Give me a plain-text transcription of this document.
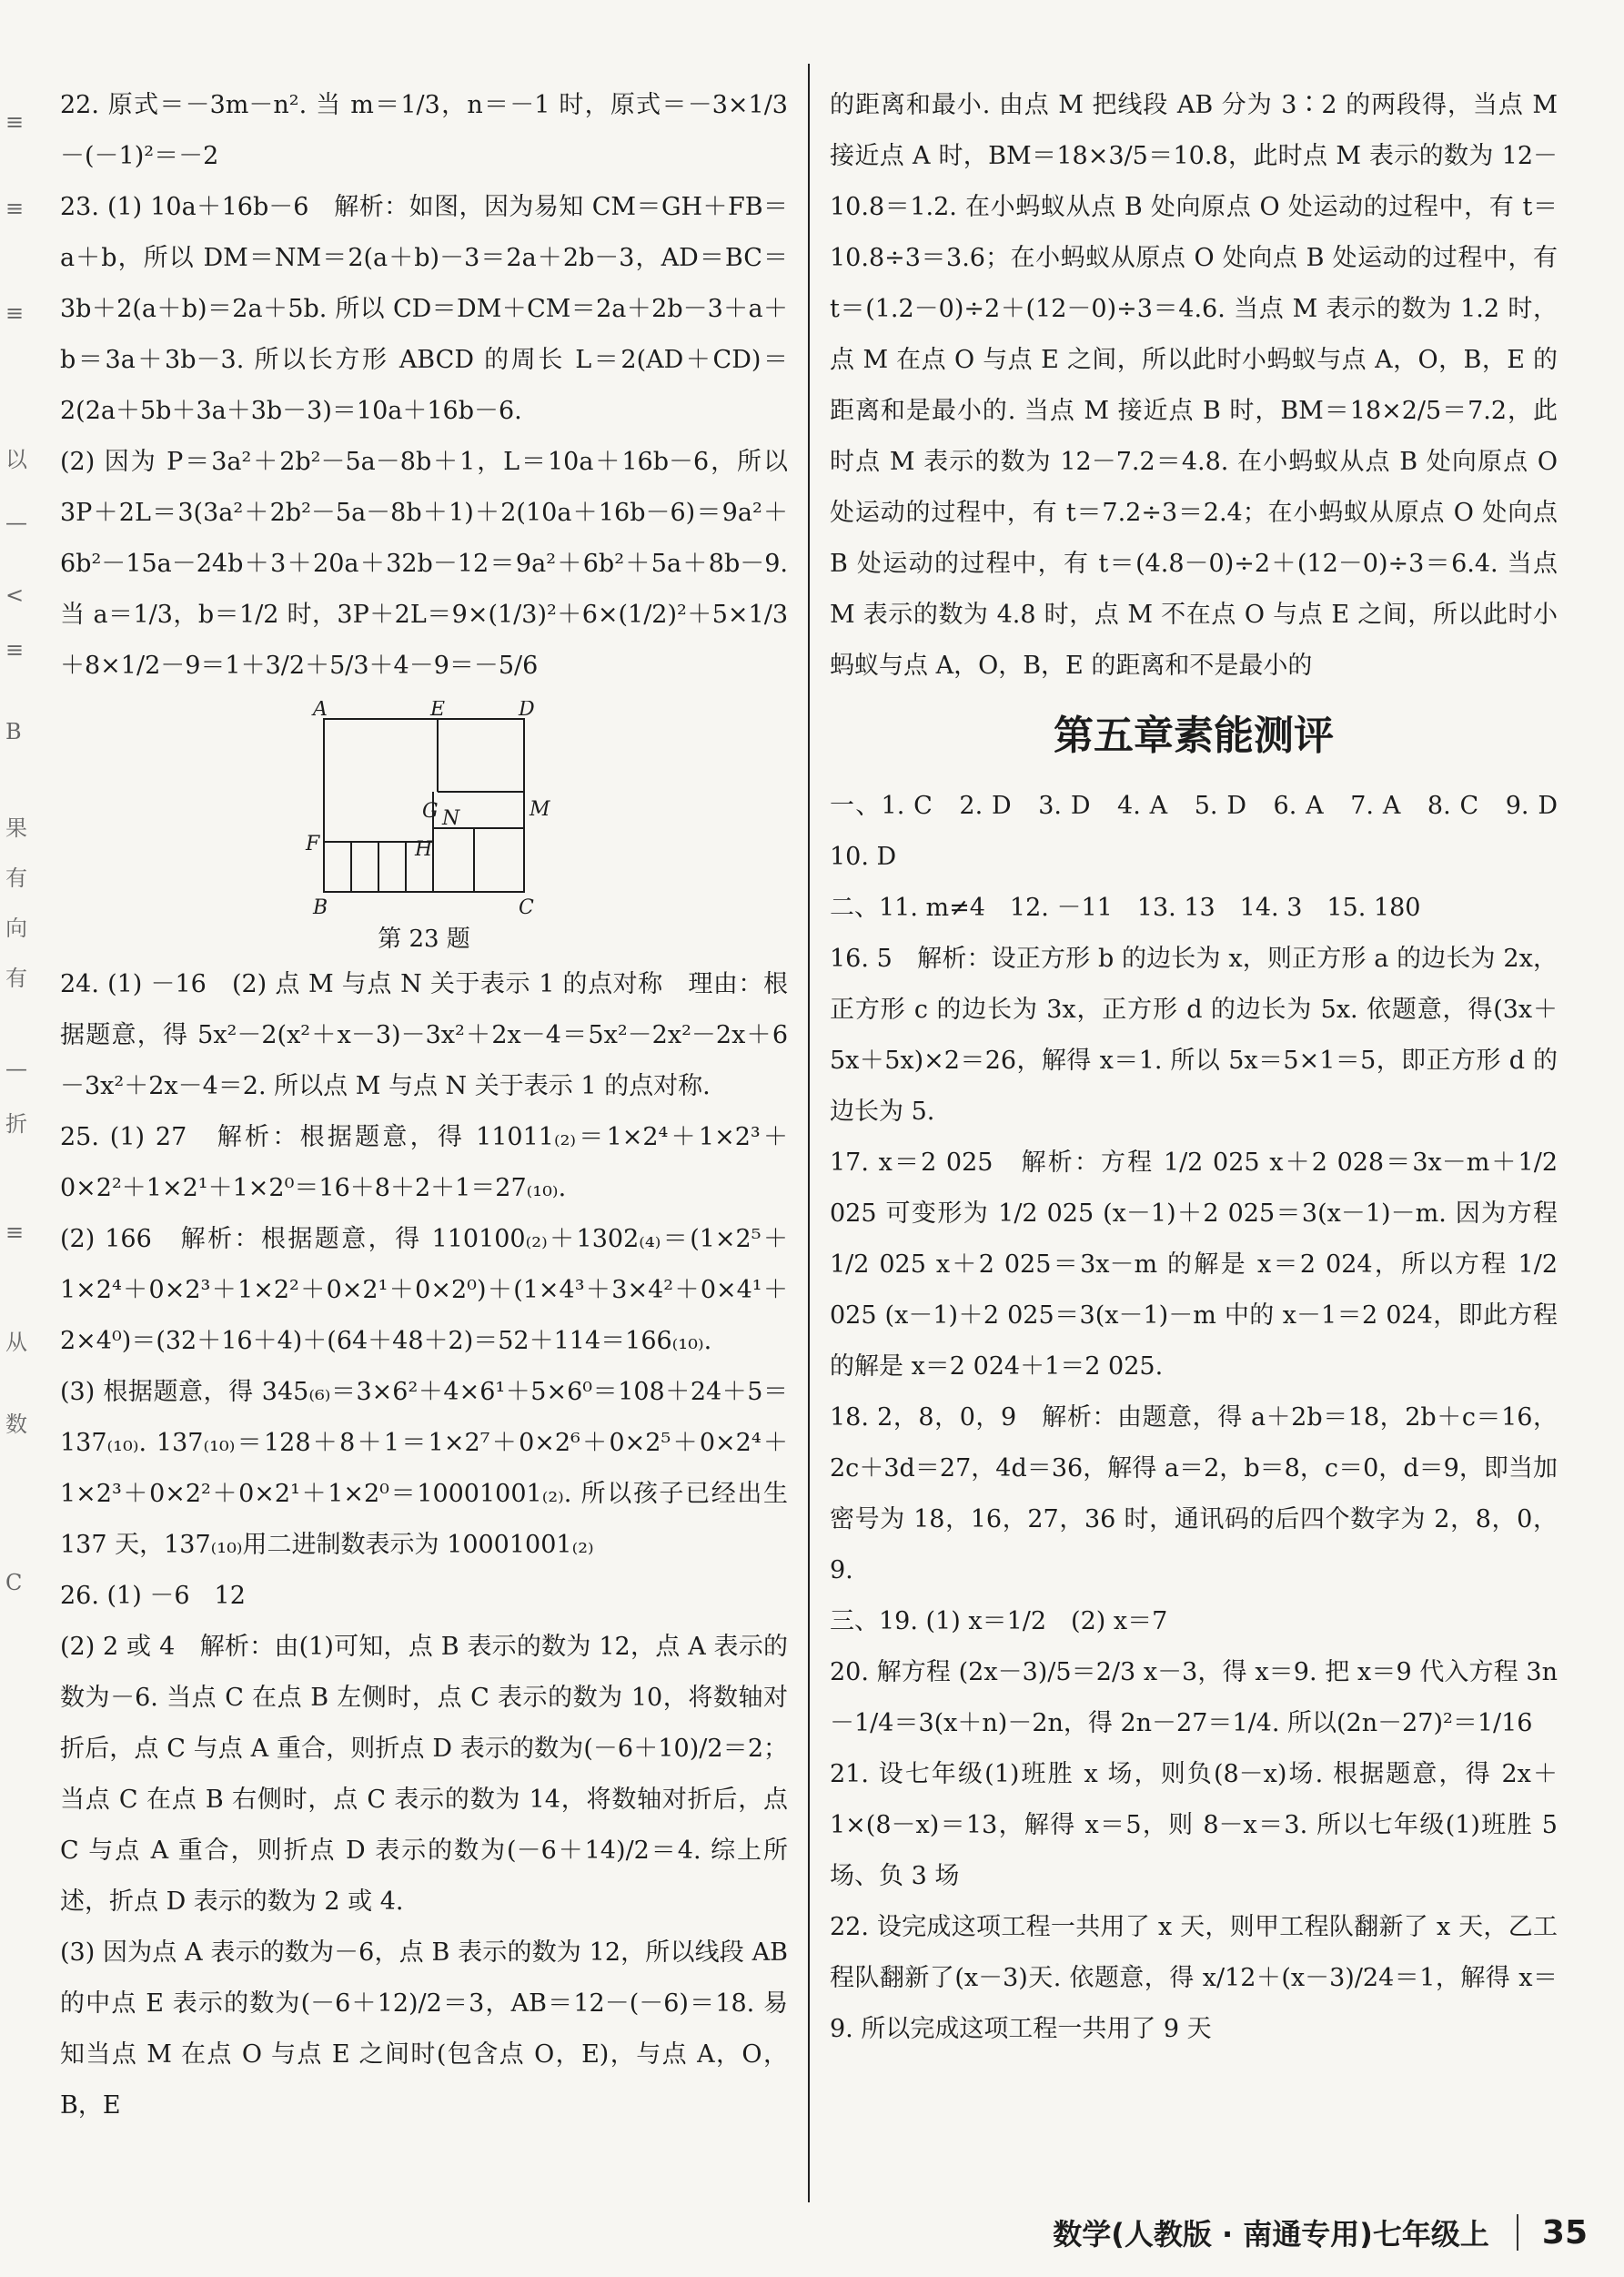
≡
≡
≡
以
—
<
≡
B
果
有
向
有
—
折
≡
从
数
C

22. 原式＝－3m－n². 当 m＝1/3，n＝－1 时，原式＝－3×1/3－(－1)²＝－2

23. (1) 10a＋16b－6　解析：如图，因为易知 CM＝GH＋FB＝a＋b，所以 DM＝NM＝2(a＋b)－3＝2a＋2b－3，AD＝BC＝3b＋2(a＋b)＝2a＋5b. 所以 CD＝DM＋CM＝2a＋2b－3＋a＋b＝3a＋3b－3. 所以长方形 ABCD 的周长 L＝2(AD＋CD)＝2(2a＋5b＋3a＋3b－3)＝10a＋16b－6.

(2) 因为 P＝3a²＋2b²－5a－8b＋1，L＝10a＋16b－6，所以 3P＋2L＝3(3a²＋2b²－5a－8b＋1)＋2(10a＋16b－6)＝9a²＋6b²－15a－24b＋3＋20a＋32b－12＝9a²＋6b²＋5a＋8b－9. 当 a＝1/3，b＝1/2 时，3P＋2L＝9×(1/3)²＋6×(1/2)²＋5×1/3＋8×1/2－9＝1＋3/2＋5/3＋4－9＝－5/6

A	E	D
G N	M
F	H
B	C
第 23 题

24. (1) －16　(2) 点 M 与点 N 关于表示 1 的点对称　理由：根据题意，得 5x²－2(x²＋x－3)－3x²＋2x－4＝5x²－2x²－2x＋6－3x²＋2x－4＝2. 所以点 M 与点 N 关于表示 1 的点对称.

25. (1) 27　解析：根据题意，得 11011₍₂₎＝1×2⁴＋1×2³＋0×2²＋1×2¹＋1×2⁰＝16＋8＋2＋1＝27₍₁₀₎.

(2) 166　解析：根据题意，得 110100₍₂₎＋1302₍₄₎＝(1×2⁵＋1×2⁴＋0×2³＋1×2²＋0×2¹＋0×2⁰)＋(1×4³＋3×4²＋0×4¹＋2×4⁰)＝(32＋16＋4)＋(64＋48＋2)＝52＋114＝166₍₁₀₎.

(3) 根据题意，得 345₍₆₎＝3×6²＋4×6¹＋5×6⁰＝108＋24＋5＝137₍₁₀₎. 137₍₁₀₎＝128＋8＋1＝1×2⁷＋0×2⁶＋0×2⁵＋0×2⁴＋1×2³＋0×2²＋0×2¹＋1×2⁰＝10001001₍₂₎. 所以孩子已经出生 137 天，137₍₁₀₎用二进制数表示为 10001001₍₂₎

26. (1) －6　12

(2) 2 或 4　解析：由(1)可知，点 B 表示的数为 12，点 A 表示的数为－6. 当点 C 在点 B 左侧时，点 C 表示的数为 10，将数轴对折后，点 C 与点 A 重合，则折点 D 表示的数为(－6＋10)/2＝2；当点 C 在点 B 右侧时，点 C 表示的数为 14，将数轴对折后，点 C 与点 A 重合，则折点 D 表示的数为(－6＋14)/2＝4. 综上所述，折点 D 表示的数为 2 或 4.

(3) 因为点 A 表示的数为－6，点 B 表示的数为 12，所以线段 AB 的中点 E 表示的数为(－6＋12)/2＝3，AB＝12－(－6)＝18. 易知当点 M 在点 O 与点 E 之间时(包含点 O，E)，与点 A，O，B，E

的距离和最小. 由点 M 把线段 AB 分为 3∶2 的两段得，当点 M 接近点 A 时，BM＝18×3/5＝10.8，此时点 M 表示的数为 12－10.8＝1.2. 在小蚂蚁从点 B 处向原点 O 处运动的过程中，有 t＝10.8÷3＝3.6；在小蚂蚁从原点 O 处向点 B 处运动的过程中，有 t＝(1.2－0)÷2＋(12－0)÷3＝4.6. 当点 M 表示的数为 1.2 时，点 M 在点 O 与点 E 之间，所以此时小蚂蚁与点 A，O，B，E 的距离和是最小的. 当点 M 接近点 B 时，BM＝18×2/5＝7.2，此时点 M 表示的数为 12－7.2＝4.8. 在小蚂蚁从点 B 处向原点 O 处运动的过程中，有 t＝7.2÷3＝2.4；在小蚂蚁从原点 O 处向点 B 处运动的过程中，有 t＝(4.8－0)÷2＋(12－0)÷3＝6.4. 当点 M 表示的数为 4.8 时，点 M 不在点 O 与点 E 之间，所以此时小蚂蚁与点 A，O，B，E 的距离和不是最小的

第五章素能测评

一、1. C　2. D　3. D　4. A　5. D　6. A　7. A　8. C　9. D　10. D

二、11. m≠4　12. －11　13. 13　14. 3　15. 180

16. 5　解析：设正方形 b 的边长为 x，则正方形 a 的边长为 2x，正方形 c 的边长为 3x，正方形 d 的边长为 5x. 依题意，得(3x＋5x＋5x)×2＝26，解得 x＝1. 所以 5x＝5×1＝5，即正方形 d 的边长为 5.

17. x＝2 025　解析：方程 1/2 025 x＋2 028＝3x－m＋1/2 025 可变形为 1/2 025 (x－1)＋2 025＝3(x－1)－m. 因为方程 1/2 025 x＋2 025＝3x－m 的解是 x＝2 024，所以方程 1/2 025 (x－1)＋2 025＝3(x－1)－m 中的 x－1＝2 024，即此方程的解是 x＝2 024＋1＝2 025.

18. 2，8，0，9　解析：由题意，得 a＋2b＝18，2b＋c＝16，2c＋3d＝27，4d＝36，解得 a＝2，b＝8，c＝0，d＝9，即当加密号为 18，16，27，36 时，通讯码的后四个数字为 2，8，0，9.

三、19. (1) x＝1/2　(2) x＝7

20. 解方程 (2x－3)/5＝2/3 x－3，得 x＝9. 把 x＝9 代入方程 3n－1/4＝3(x＋n)－2n，得 2n－27＝1/4. 所以(2n－27)²＝1/16

21. 设七年级(1)班胜 x 场，则负(8－x)场. 根据题意，得 2x＋1×(8－x)＝13，解得 x＝5，则 8－x＝3. 所以七年级(1)班胜 5 场、负 3 场

22. 设完成这项工程一共用了 x 天，则甲工程队翻新了 x 天，乙工程队翻新了(x－3)天. 依题意，得 x/12＋(x－3)/24＝1，解得 x＝9. 所以完成这项工程一共用了 9 天

数学(人教版 · 南通专用)七年级上 35
